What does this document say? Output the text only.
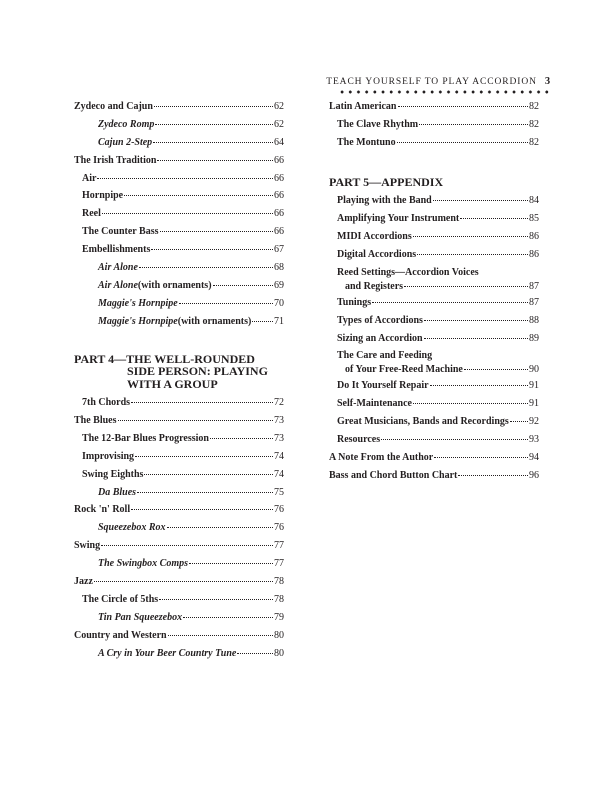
TEACH YOURSELF TO PLAY ACCORDION 3
Zydeco and Cajun	62
Zydeco Romp	62
Cajun 2-Step	64
The Irish Tradition	66
Air	66
Hornpipe	66
Reel	66
The Counter Bass	66
Embellishments	67
Air Alone	68
Air Alone (with ornaments)	69
Maggie's Hornpipe	70
Maggie's Hornpipe (with ornaments) 71
PART 4—THE WELL-ROUNDED
SIDE PERSON: PLAYING
WITH A GROUP
7th Chords	72
The Blues	73
The 12-Bar Blues Progression	73
Improvising	74
Swing Eighths	74
Da Blues	75
Rock 'n' Roll	76
Squeezebox Rox	76
Swing	77
The Swingbox Comps	77
Jazz	78
The Circle of 5ths	78
Tin Pan Squeezebox	79
Country and Western	80
A Cry in Your Beer Country Tune	80
Latin American	82
The Clave Rhythm	82
The Montuno	82
PART 5—APPENDIX
Playing with the Band	84
Amplifying Your Instrument	85
MIDI Accordions	86
Digital Accordions	86
Reed Settings—Accordion Voices
and Registers	87
Tunings	87
Types of Accordions	88
Sizing an Accordion	89
The Care and Feeding
of Your Free-Reed Machine	90
Do It Yourself Repair	91
Self-Maintenance	91
Great Musicians, Bands and Recordings 92
Resources	93
A Note From the Author	94
Bass and Chord Button Chart	96
